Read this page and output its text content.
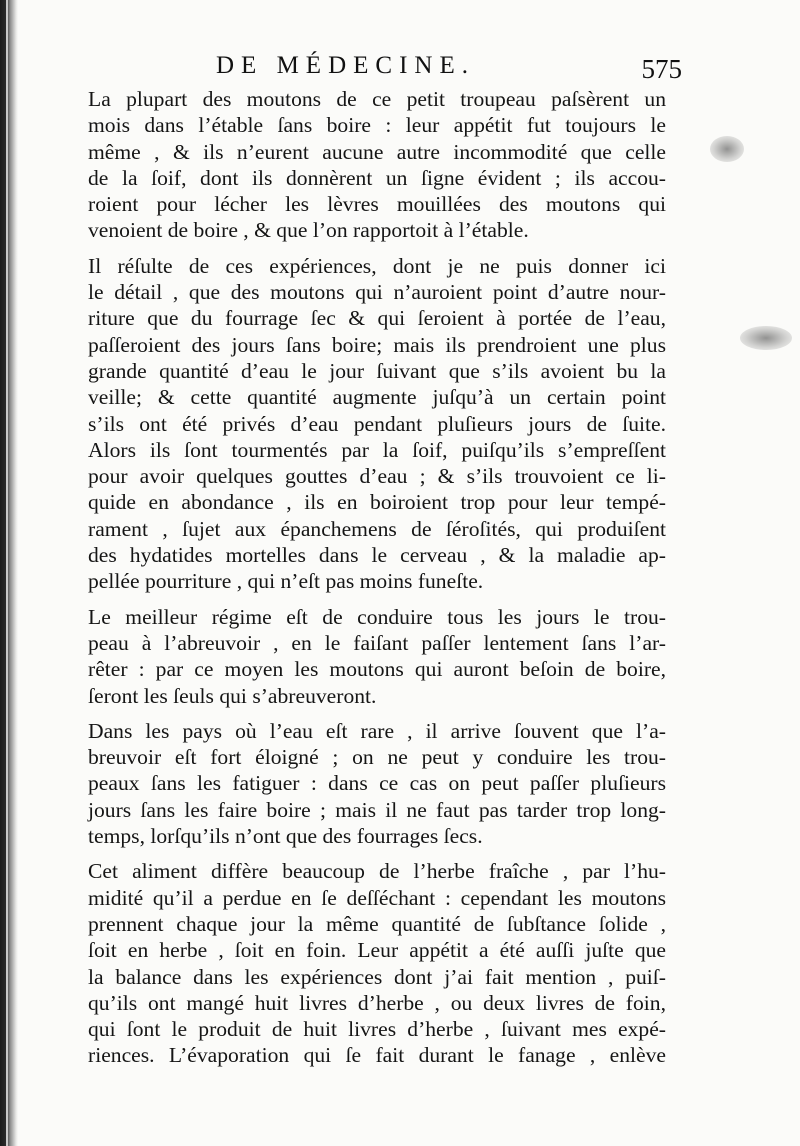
DE MÉDECINE.	575
La plupart des moutons de ce petit troupeau paſsèrent un
mois dans l’étable ſans boire : leur appétit fut toujours le
même , & ils n’eurent aucune autre incommodité que celle
de la ſoif, dont ils donnèrent un ſigne évident ; ils accou-
roient pour lécher les lèvres mouillées des moutons qui
venoient de boire , & que l’on rapportoit à l’étable.
Il réſulte de ces expériences, dont je ne puis donner ici
le détail , que des moutons qui n’auroient point d’autre nour-
riture que du fourrage ſec & qui ſeroient à portée de l’eau,
paſſeroient des jours ſans boire; mais ils prendroient une plus
grande quantité d’eau le jour ſuivant que s’ils avoient bu la
veille; & cette quantité augmente juſqu’à un certain point
s’ils ont été privés d’eau pendant pluſieurs jours de ſuite.
Alors ils ſont tourmentés par la ſoif, puiſqu’ils s’empreſſent
pour avoir quelques gouttes d’eau ; & s’ils trouvoient ce li-
quide en abondance , ils en boiroient trop pour leur tempé-
rament , ſujet aux épanchemens de ſéroſités, qui produiſent
des hydatides mortelles dans le cerveau , & la maladie ap-
pellée pourriture , qui n’eſt pas moins funeſte.
Le meilleur régime eſt de conduire tous les jours le trou-
peau à l’abreuvoir , en le faiſant paſſer lentement ſans l’ar-
rêter : par ce moyen les moutons qui auront beſoin de boire,
ſeront les ſeuls qui s’abreuveront.
Dans les pays où l’eau eſt rare , il arrive ſouvent que l’a-
breuvoir eſt fort éloigné ; on ne peut y conduire les trou-
peaux ſans les fatiguer : dans ce cas on peut paſſer pluſieurs
jours ſans les faire boire ; mais il ne faut pas tarder trop long-
temps, lorſqu’ils n’ont que des fourrages ſecs.
Cet aliment diffère beaucoup de l’herbe fraîche , par l’hu-
midité qu’il a perdue en ſe deſſéchant : cependant les moutons
prennent chaque jour la même quantité de ſubſtance ſolide ,
ſoit en herbe , ſoit en foin. Leur appétit a été auſſi juſte que
la balance dans les expériences dont j’ai fait mention , puiſ-
qu’ils ont mangé huit livres d’herbe , ou deux livres de foin,
qui ſont le produit de huit livres d’herbe , ſuivant mes expé-
riences. L’évaporation qui ſe fait durant le fanage , enlève
